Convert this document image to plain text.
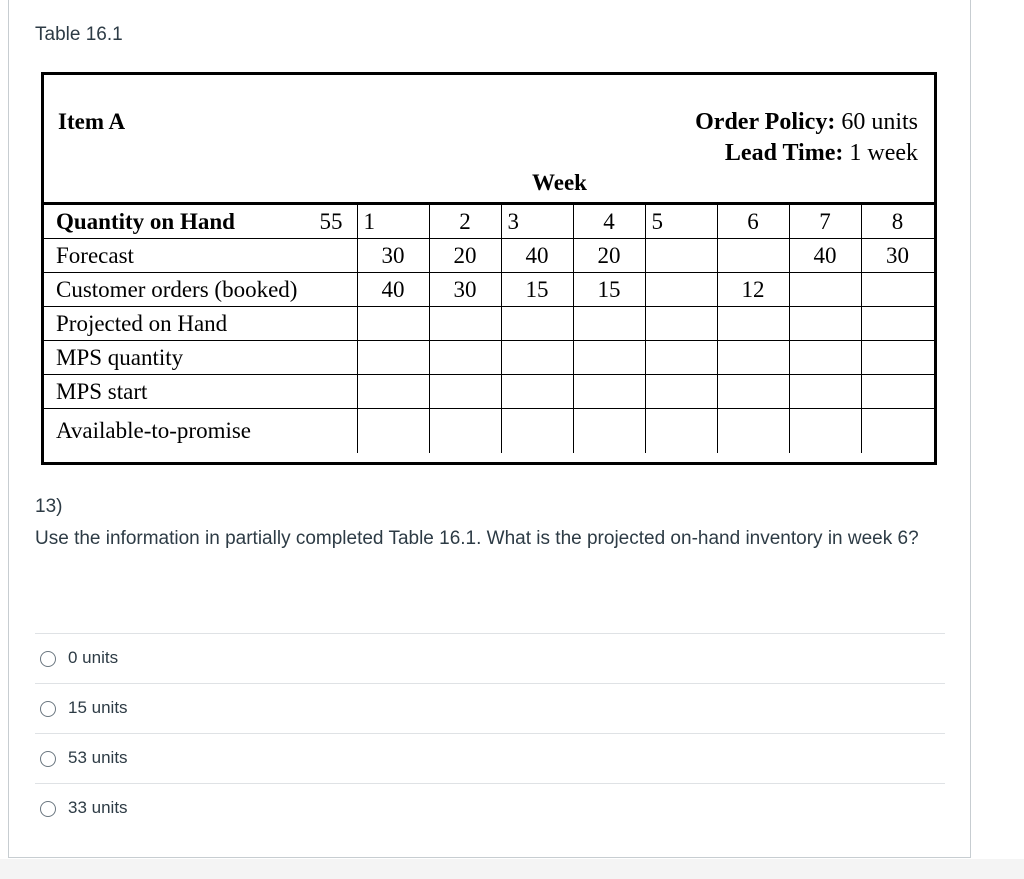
Table 16.1
Item A	Order Policy: 60 units
Lead Time: 1 week
Week
Quantity on Hand 55	1	2	3	4	5	6	7	8
Forecast	30	20	40	20			40	30
Customer orders (booked)	40	30	15	15		12		
Projected on Hand								
MPS quantity								
MPS start								
Available-to-promise								
13)
Use the information in partially completed Table 16.1. What is the projected on-hand inventory in week 6?
0 units
15 units
53 units
33 units
